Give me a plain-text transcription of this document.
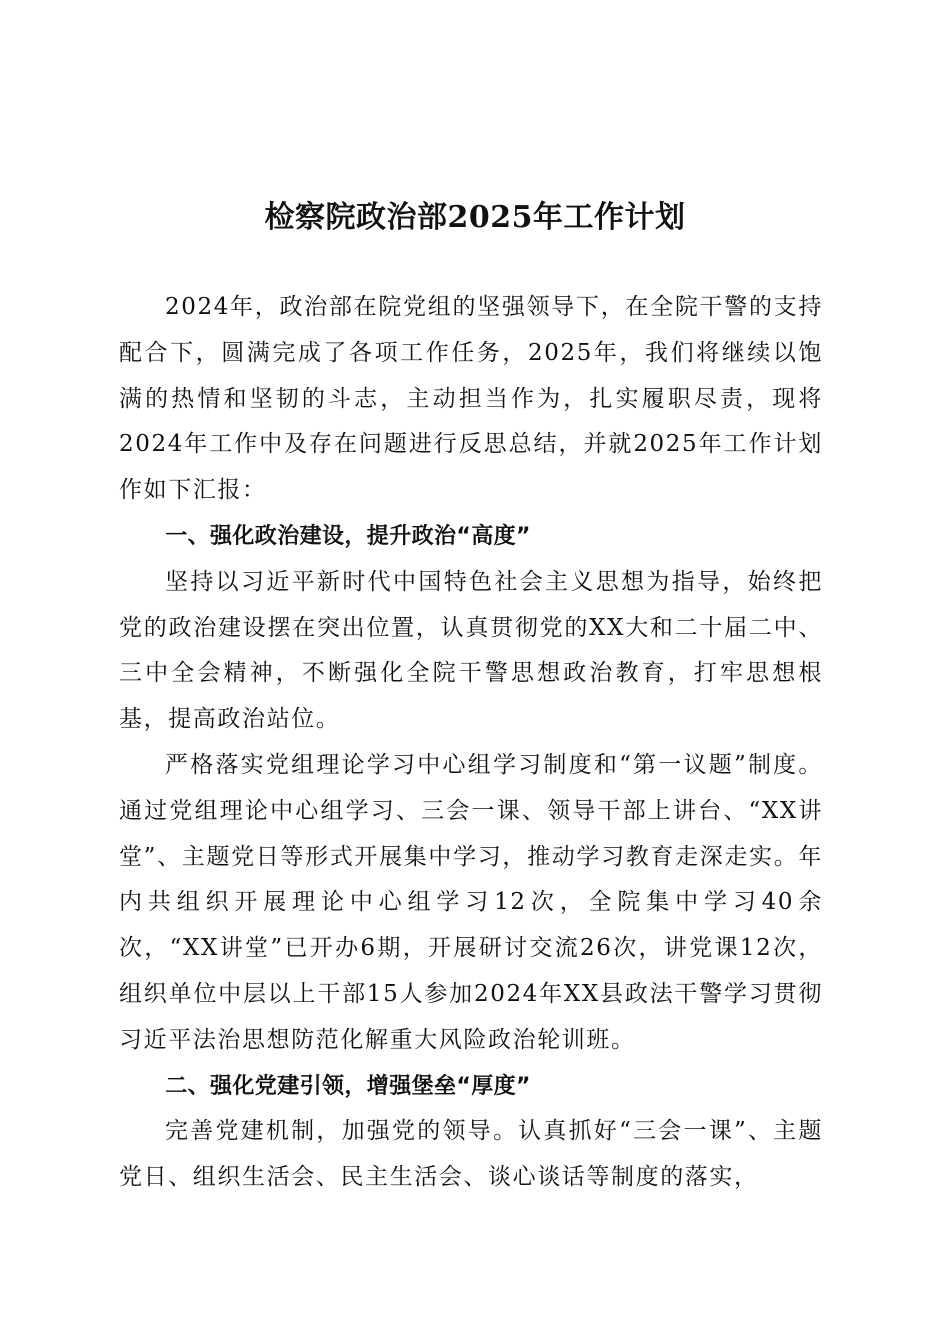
检察院政治部2025年工作计划

2024年，政治部在院党组的坚强领导下，在全院干警的支持配合下，圆满完成了各项工作任务，2025年，我们将继续以饱满的热情和坚韧的斗志，主动担当作为，扎实履职尽责，现将2024年工作中及存在问题进行反思总结，并就2025年工作计划作如下汇报：

一、强化政治建设，提升政治“高度”

坚持以习近平新时代中国特色社会主义思想为指导，始终把党的政治建设摆在突出位置，认真贯彻党的XX大和二十届二中、三中全会精神，不断强化全院干警思想政治教育，打牢思想根基，提高政治站位。

严格落实党组理论学习中心组学习制度和“第一议题”制度。通过党组理论中心组学习、三会一课、领导干部上讲台、“XX讲堂”、主题党日等形式开展集中学习，推动学习教育走深走实。年内共组织开展理论中心组学习12次，全院集中学习40余次，“XX讲堂”已开办6期，开展研讨交流26次，讲党课12次，组织单位中层以上干部15人参加2024年XX县政法干警学习贯彻习近平法治思想防范化解重大风险政治轮训班。

二、强化党建引领，增强堡垒“厚度”

完善党建机制，加强党的领导。认真抓好“三会一课”、主题党日、组织生活会、民主生活会、谈心谈话等制度的落实，
